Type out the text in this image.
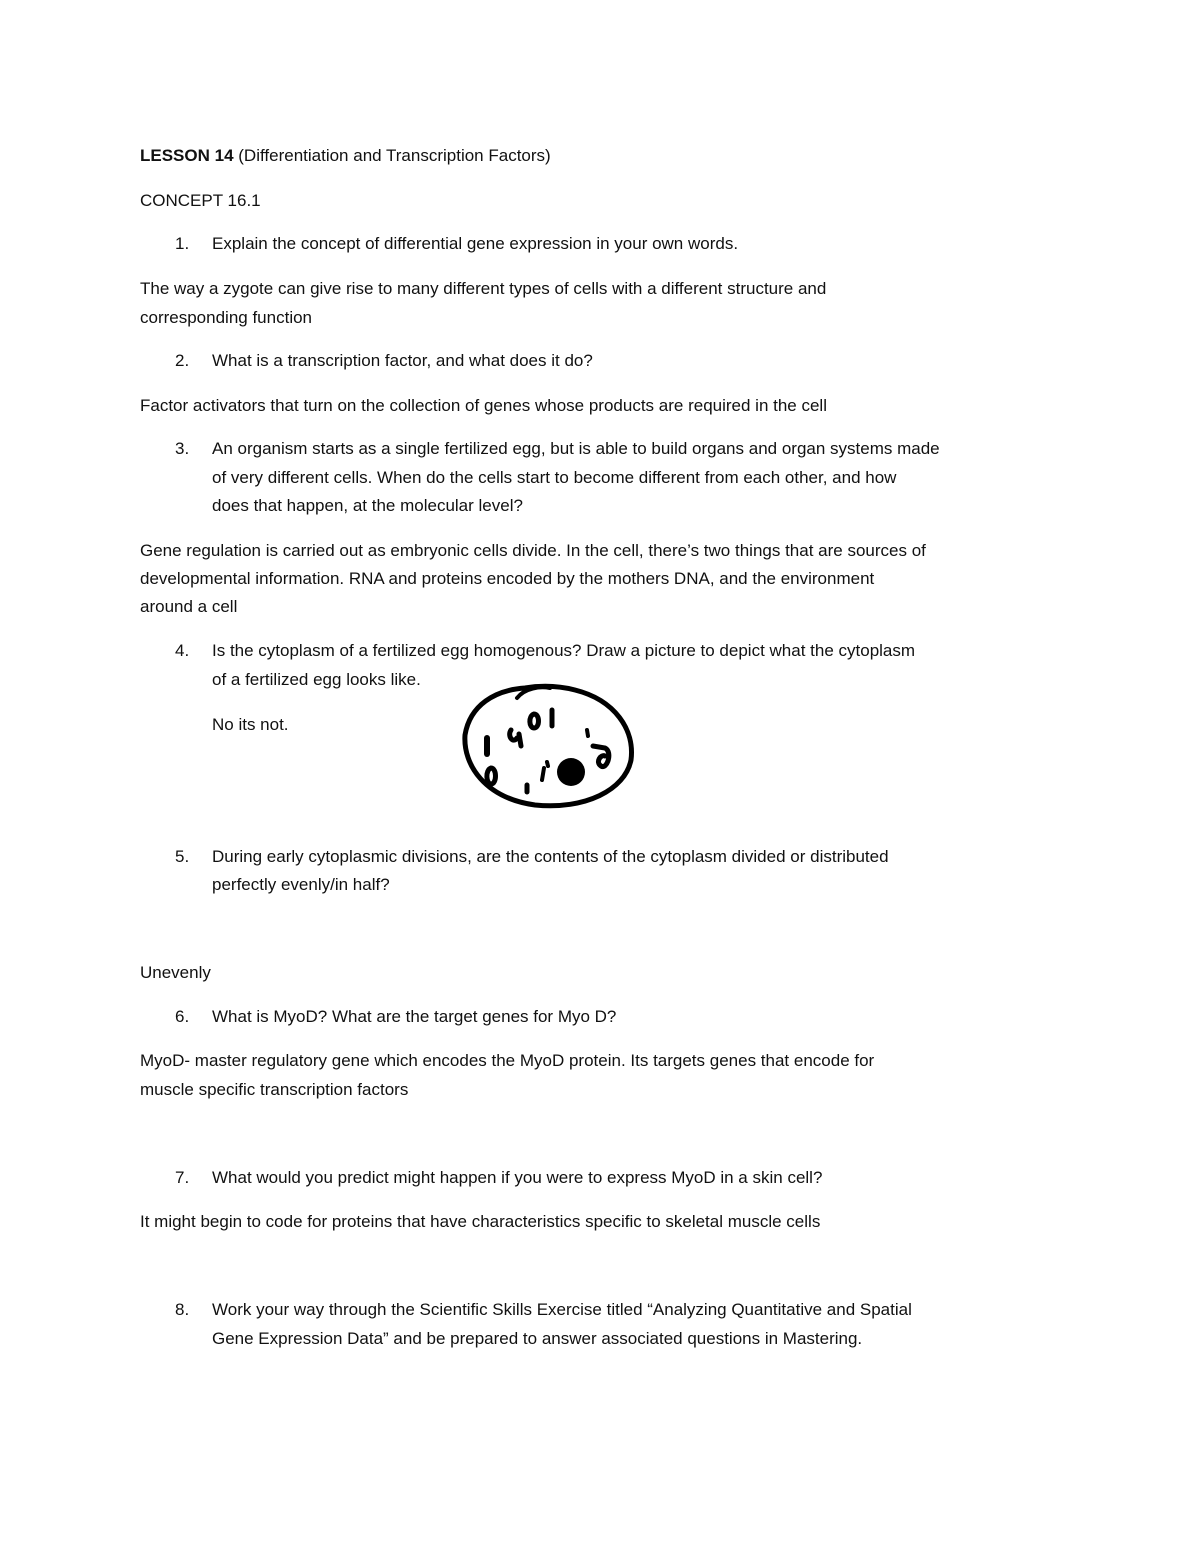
LESSON 14 (Differentiation and Transcription Factors)
CONCEPT 16.1
1. Explain the concept of differential gene expression in your own words.
The way a zygote can give rise to many different types of cells with a different structure and
corresponding function
2. What is a transcription factor, and what does it do?
Factor activators that turn on the collection of genes whose products are required in the cell
3. An organism starts as a single fertilized egg, but is able to build organs and organ systems made
of very different cells. When do the cells start to become different from each other, and how
does that happen, at the molecular level?
Gene regulation is carried out as embryonic cells divide. In the cell, there’s two things that are sources of
developmental information. RNA and proteins encoded by the mothers DNA, and the environment
around a cell
4. Is the cytoplasm of a fertilized egg homogenous? Draw a picture to depict what the cytoplasm
of a fertilized egg looks like.
No its not.
5. During early cytoplasmic divisions, are the contents of the cytoplasm divided or distributed
perfectly evenly/in half?
Unevenly
6. What is MyoD? What are the target genes for Myo D?
MyoD- master regulatory gene which encodes the MyoD protein. Its targets genes that encode for
muscle specific transcription factors
7. What would you predict might happen if you were to express MyoD in a skin cell?
It might begin to code for proteins that have characteristics specific to skeletal muscle cells
8. Work your way through the Scientific Skills Exercise titled “Analyzing Quantitative and Spatial
Gene Expression Data” and be prepared to answer associated questions in Mastering.
